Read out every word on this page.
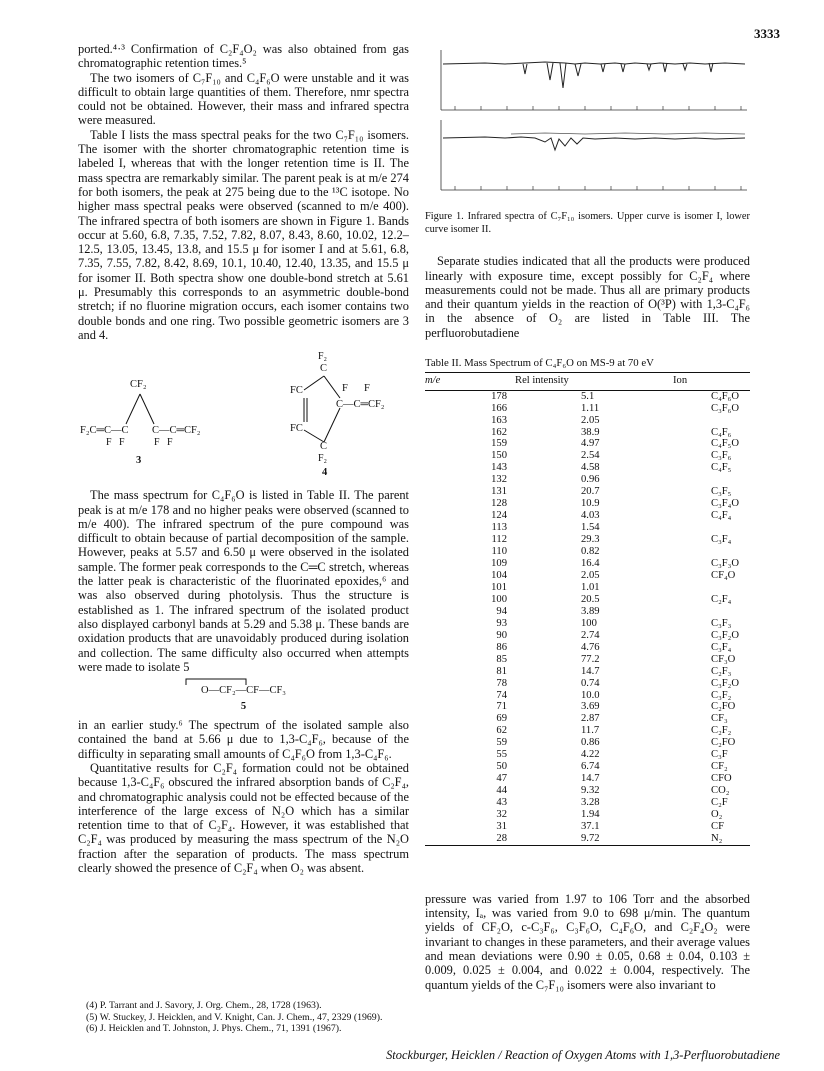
3333

ported.⁴·³ Confirmation of C₂F₄O₂ was also obtained from gas chromatographic retention times.⁵

The two isomers of C₇F₁₀ and C₄F₆O were unstable and it was difficult to obtain large quantities of them. Therefore, nmr spectra could not be obtained. However, their mass and infrared spectra were measured.

Table I lists the mass spectral peaks for the two C₇F₁₀ isomers. The isomer with the shorter chromatographic retention time is labeled I, whereas that with the longer retention time is II. The mass spectra are remarkably similar. The parent peak is at m/e 274 for both isomers, the peak at 275 being due to the ¹³C isotope. No higher mass spectral peaks were observed (scanned to m/e 400). The infrared spectra of both isomers are shown in Figure 1. Bands occur at 5.60, 6.8, 7.35, 7.52, 7.82, 8.07, 8.43, 8.60, 10.02, 12.2–12.5, 13.05, 13.45, 13.8, and 15.5 μ for isomer I and at 5.61, 6.8, 7.35, 7.55, 7.82, 8.42, 8.69, 10.1, 10.40, 12.40, 13.35, and 15.5 μ for isomer II. Both spectra show one double-bond stretch at 5.61 μ. Presumably this corresponds to an asymmetric double-bond stretch; if no fluorine migration occurs, each isomer contains two double bonds and one ring. Two possible geometric isomers are 3 and 4.

CF₂
F₂C═C—C
F   F
C—C═CF₂
F   F
3
F₂
C
FC
FC
C
F₂
F F
C—C═CF₂
4

The mass spectrum for C₄F₆O is listed in Table II. The parent peak is at m/e 178 and no higher peaks were observed (scanned to m/e 400). The infrared spectrum of the pure compound was difficult to obtain because of partial decomposition of the sample. However, peaks at 5.57 and 6.50 μ were observed in the isolated sample. The former peak corresponds to the C═C stretch, whereas the latter peak is characteristic of the fluorinated epoxides,⁶ and was also observed during photolysis. Thus the structure is established as 1. The infrared spectrum of the isolated product also displayed carbonyl bands at 5.29 and 5.38 μ. These bands are oxidation products that are unavoidably produced during isolation and collection. The same difficulty also occurred when attempts were made to isolate 5

O—CF₂—CF—CF₃
5

in an earlier study.⁶ The spectrum of the isolated sample also contained the band at 5.66 μ due to 1,3-C₄F₆, because of the difficulty in separating small amounts of C₄F₆O from 1,3-C₄F₆.

Quantitative results for C₂F₄ formation could not be obtained because 1,3-C₄F₆ obscured the infrared absorption bands of C₂F₄, and chromatographic analysis could not be effected because of the interference of the large excess of N₂O which has a similar retention time to that of C₂F₄. However, it was established that C₂F₄ was produced by measuring the mass spectrum of the N₂O fraction after the separation of products. The mass spectrum clearly showed the presence of C₂F₄ when O₂ was absent.

(4) P. Tarrant and J. Savory, J. Org. Chem., 28, 1728 (1963).
(5) W. Stuckey, J. Heicklen, and V. Knight, Can. J. Chem., 47, 2329 (1969).
(6) J. Heicklen and T. Johnston, J. Phys. Chem., 71, 1391 (1967).
Figure 1. Infrared spectra of C₇F₁₀ isomers. Upper curve is isomer I, lower curve isomer II.

Separate studies indicated that all the products were produced linearly with exposure time, except possibly for C₂F₄ where measurements could not be made. Thus all are primary products and their quantum yields in the reaction of O(³P) with 1,3-C₄F₆ in the absence of O₂ are listed in Table III. The perfluorobutadiene

Table II. Mass Spectrum of C₄F₆O on MS-9 at 70 eV
m/e	Rel intensity	Ion
178	5.1	C₄F₆O
166	1.11	C₃F₆O
163	2.05	
162	38.9	C₄F₆
159	4.97	C₄F₅O
150	2.54	C₃F₆
143	4.58	C₄F₅
132	0.96	
131	20.7	C₃F₅
128	10.9	C₃F₄O
124	4.03	C₄F₄
113	1.54	
112	29.3	C₃F₄
110	0.82	
109	16.4	C₃F₃O
104	2.05	CF₄O
101	1.01	
100	20.5	C₂F₄
94	3.89	
93	100	C₃F₃
90	2.74	C₃F₂O
86	4.76	C₃F₄
85	77.2	CF₃O
81	14.7	C₂F₃
78	0.74	C₃F₂O
74	10.0	C₃F₂
71	3.69	C₂FO
69	2.87	CF₃
62	11.7	C₂F₂
59	0.86	C₂FO
55	4.22	C₃F
50	6.74	CF₂
47	14.7	CFO
44	9.32	CO₂
43	3.28	C₂F
32	1.94	O₂
31	37.1	CF
28	9.72	N₂

pressure was varied from 1.97 to 106 Torr and the absorbed intensity, Iₐ, was varied from 9.0 to 698 μ/min. The quantum yields of CF₂O, c-C₃F₆, C₃F₆O, C₄F₆O, and C₂F₄O₂ were invariant to changes in these parameters, and their average values and mean deviations were 0.90 ± 0.05, 0.68 ± 0.04, 0.103 ± 0.009, 0.025 ± 0.004, and 0.022 ± 0.004, respectively. The quantum yields of the C₇F₁₀ isomers were also invariant to

Stockburger, Heicklen / Reaction of Oxygen Atoms with 1,3-Perfluorobutadiene
